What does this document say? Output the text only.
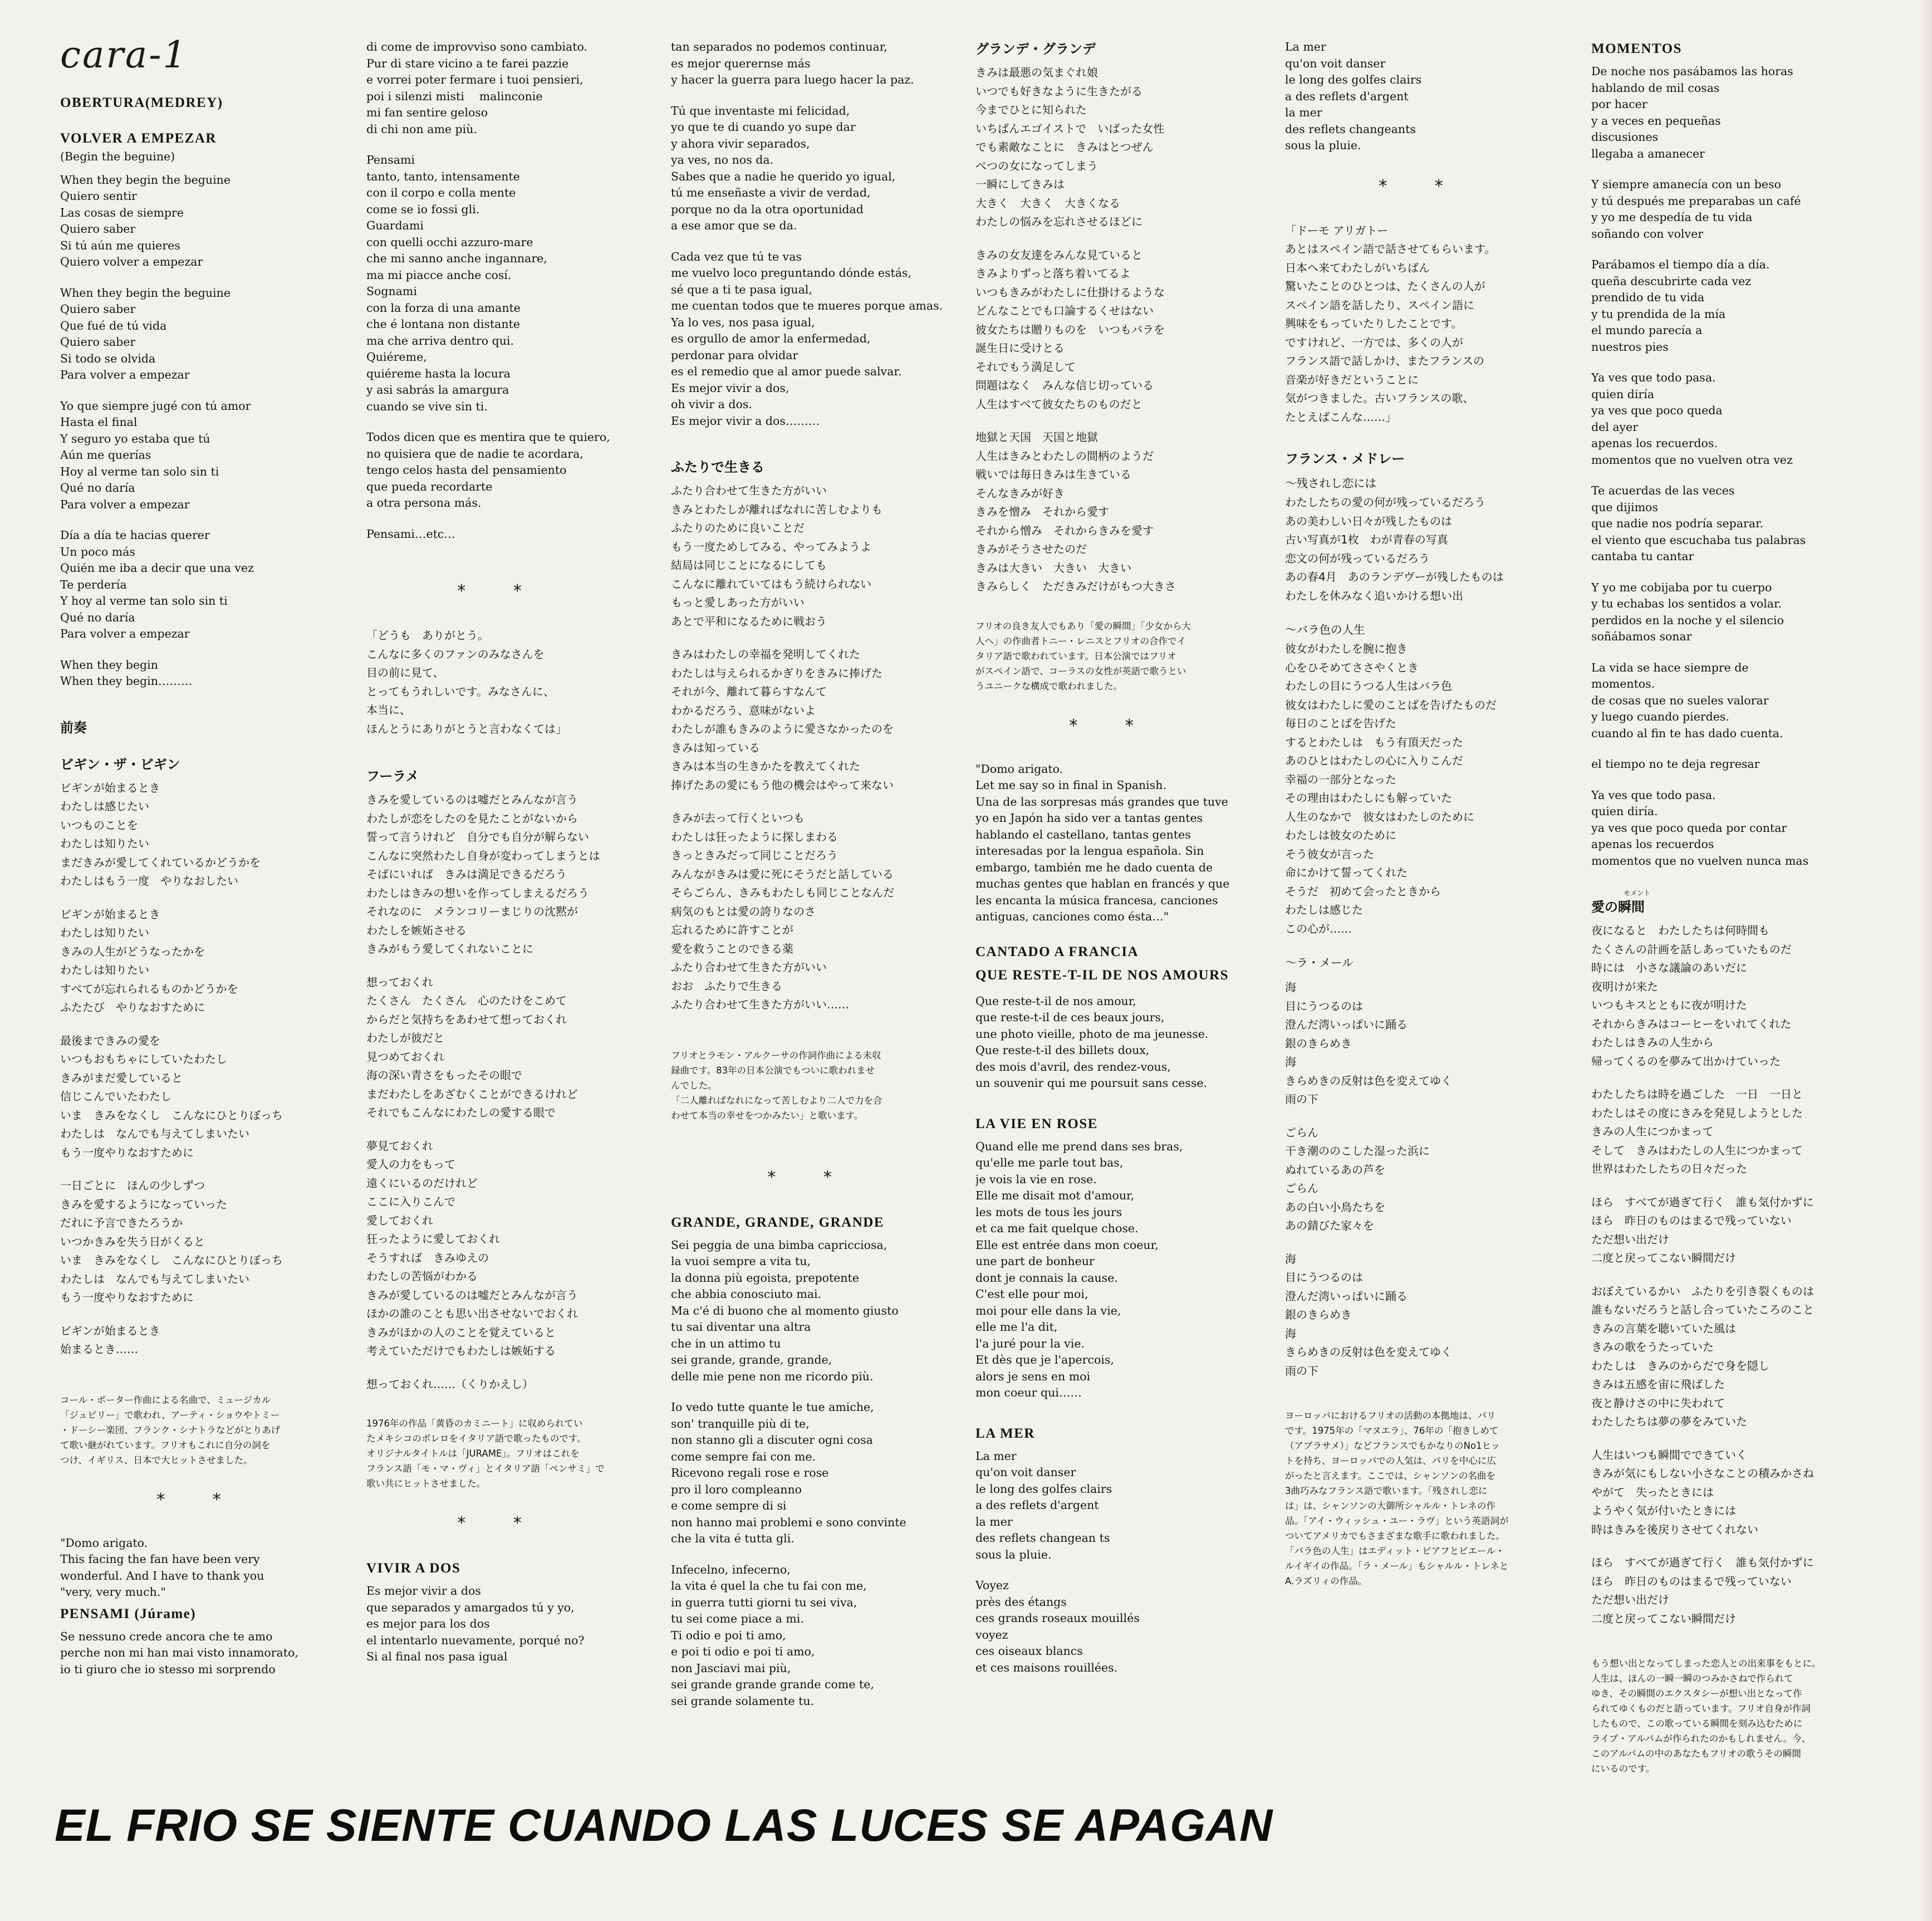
cara-1
OBERTURA(MEDREY)
VOLVER A EMPEZAR
(Begin the beguine)
When they begin the beguine
Quiero sentir
Las cosas de siempre
Quiero saber
Si tú aún me quieres
Quiero volver a empezar
When they begin the beguine
Quiero saber
Que fué de tú vida
Quiero saber
Si todo se olvida
Para volver a empezar
Yo que siempre jugé con tú amor
Hasta el final
Y seguro yo estaba que tú
Aún me querías
Hoy al verme tan solo sin ti
Qué no daría
Para volver a empezar
Día a día te hacias querer
Un poco más
Quién me iba a decir que una vez
Te perdería
Y hoy al verme tan solo sin ti
Qué no daría
Para volver a empezar
When they begin
When they begin………
前奏
ビギン・ザ・ビギン
ビギンが始まるとき
わたしは感じたい
いつものことを
わたしは知りたい
まだきみが愛してくれているかどうかを
わたしはもう一度　やりなおしたい
ビギンが始まるとき
わたしは知りたい
きみの人生がどうなったかを
わたしは知りたい
すべてが忘れられるものかどうかを
ふたたび　やりなおすために
最後まできみの愛を
いつもおもちゃにしていたわたし
きみがまだ愛していると
信じこんでいたわたし
いま　きみをなくし　こんなにひとりぼっち
わたしは　なんでも与えてしまいたい
もう一度やりなおすために
一日ごとに　ほんの少しずつ
きみを愛するようになっていった
だれに予言できたろうか
いつかきみを失う日がくると
いま　きみをなくし　こんなにひとりぼっち
わたしは　なんでも与えてしまいたい
もう一度やりなおすために
ビギンが始まるとき
始まるとき……
コール・ポーター作曲による名曲で、ミュージカル
「ジュビリー」で歌われ、アーティ・ショウやトミー
・ドーシー楽団、フランク・シナトラなどがとりあげ
て歌い継がれています。フリオもこれに自分の詞を
つけ、イギリス、日本で大ヒットさせました。
* *
"Domo arigato.
This facing the fan have been very
wonderful. And I have to thank you
"very, very much."
PENSAMI (Júrame)
Se nessuno crede ancora che te amo
perche non mi han mai visto innamorato,
io ti giuro che io stesso mi sorprendo
di come de improvviso sono cambiato.
Pur di stare vicino a te farei pazzie
e vorrei poter fermare i tuoi pensieri,
poi i silenzi misti　 malinconie
mi fan sentire geloso
di chi non ame più.
Pensami
tanto, tanto, intensamente
con il corpo e colla mente
come se io fossi gli.
Guardami
con quelli occhi azzuro-mare
che mi sanno anche ingannare,
ma mi piacce anche cosí.
Sognami
con la forza di una amante
che é lontana non distante
ma che arriva dentro qui.
Quiéreme,
quiéreme hasta la locura
y asi sabrás la amargura
cuando se vive sin ti.
Todos dicen que es mentira que te quiero,
no quisiera que de nadie te acordara,
tengo celos hasta del pensamiento
que pueda recordarte
a otra persona más.
Pensami…etc…
* *
「どうも　ありがとう。
こんなに多くのファンのみなさんを
目の前に見て、
とってもうれしいです。みなさんに、
本当に、
ほんとうにありがとうと言わなくては」
フーラメ
きみを愛しているのは嘘だとみんなが言う
わたしが恋をしたのを見たことがないから
誓って言うけれど　自分でも自分が解らない
こんなに突然わたし自身が変わってしまうとは
そばにいれば　きみは満足できるだろう
わたしはきみの想いを作ってしまえるだろう
それなのに　メランコリーまじりの沈黙が
わたしを嫉妬させる
きみがもう愛してくれないことに
想っておくれ
たくさん　たくさん　心のたけをこめて
からだと気持ちをあわせて想っておくれ
わたしが彼だと
見つめておくれ
海の深い青さをもったその眼で
まだわたしをあざむくことができるけれど
それでもこんなにわたしの愛する眼で
夢見ておくれ
愛人の力をもって
遠くにいるのだけれど
ここに入りこんで
愛しておくれ
狂ったように愛しておくれ
そうすれば　きみゆえの
わたしの苦悩がわかる
きみが愛しているのは嘘だとみんなが言う
ほかの誰のことも思い出させないでおくれ
きみがほかの人のことを覚えていると
考えていただけでもわたしは嫉妬する
想っておくれ……（くりかえし）
1976年の作品「黄昏のカミニート」に収められてい
たメキシコのボレロをイタリア語で歌ったものです。
オリジナルタイトルは「JURAME」。フリオはこれを
フランス語「モ・マ・ヴィ」とイタリア語「ペンサミ」で
歌い共にヒットさせました。
* *
VIVIR A DOS
Es mejor vivir a dos
que separados y amargados tú y yo,
es mejor para los dos
el intentarlo nuevamente, porqué no?
Si al final nos pasa igual
tan separados no podemos continuar,
es mejor querernse más
y hacer la guerra para luego hacer la paz.
Tú que inventaste mi felicidad,
yo que te di cuando yo supe dar
y ahora vivir separados,
ya ves, no nos da.
Sabes que a nadie he querido yo igual,
tú me enseñaste a vivir de verdad,
porque no da la otra oportunidad
a ese amor que se da.
Cada vez que tú te vas
me vuelvo loco preguntando dónde estás,
sé que a ti te pasa igual,
me cuentan todos que te mueres porque amas.
Ya lo ves, nos pasa igual,
es orgullo de amor la enfermedad,
perdonar para olvidar
es el remedio que al amor puede salvar.
Es mejor vivir a dos,
oh vivir a dos.
Es mejor vivir a dos………
ふたりで生きる
ふたり合わせて生きた方がいい
きみとわたしが離ればなれに苦しむよりも
ふたりのために良いことだ
もう一度ためしてみる、やってみようよ
結局は同じことになるにしても
こんなに離れていてはもう続けられない
もっと愛しあった方がいい
あとで平和になるために戦おう
きみはわたしの幸福を発明してくれた
わたしは与えられるかぎりをきみに捧げた
それが今、離れて暮らすなんて
わかるだろう、意味がないよ
わたしが誰もきみのように愛さなかったのを
きみは知っている
きみは本当の生きかたを教えてくれた
捧げたあの愛にもう他の機会はやって来ない
きみが去って行くといつも
わたしは狂ったように探しまわる
きっときみだって同じことだろう
みんながきみは愛に死にそうだと話している
そらごらん、きみもわたしも同じことなんだ
病気のもとは愛の誇りなのさ
忘れるために許すことが
愛を救うことのできる薬
ふたり合わせて生きた方がいい
おお　ふたりで生きる
ふたり合わせて生きた方がいい……
フリオとラモン・アルクーサの作詞作曲による未収
録曲です。83年の日本公演でもついに歌われませ
んでした。
「二人離ればなれになって苦しむより二人で力を合
わせて本当の幸せをつかみたい」と歌います。
* *
GRANDE, GRANDE, GRANDE
Sei peggia de una bimba capricciosa,
la vuoi sempre a vita tu,
la donna più egoista, prepotente
che abbia conosciuto mai.
Ma c'é di buono che al momento giusto
tu sai diventar una altra
che in un attimo tu
sei grande, grande, grande,
delle mie pene non me ricordo più.
Io vedo tutte quante le tue amiche,
son' tranquille più di te,
non stanno gli a discuter ogni cosa
come sempre fai con me.
Ricevono regali rose e rose
pro il loro compleanno
e come sempre di si
non hanno mai problemi e sono convinte
che la vita é tutta gli.
Infecelno, infecerno,
la vita é quel la che tu fai con me,
in guerra tutti giorni tu sei viva,
tu sei come piace a mi.
Ti odio e poi ti amo,
e poi ti odio e poi ti amo,
non Jasciavi mai più,
sei grande grande grande come te,
sei grande solamente tu.
グランデ・グランデ
きみは最悪の気まぐれ娘
いつでも好きなように生きたがる
今までひとに知られた
いちばんエゴイストで　いばった女性
でも素敵なことに　きみはとつぜん
べつの女になってしまう
一瞬にしてきみは
大きく　大きく　大きくなる
わたしの悩みを忘れさせるほどに
きみの女友達をみんな見ていると
きみよりずっと落ち着いてるよ
いつもきみがわたしに仕掛けるような
どんなことでも口論するくせはない
彼女たちは贈りものを　いつもバラを
誕生日に受けとる
それでもう満足して
問題はなく　みんな信じ切っている
人生はすべて彼女たちのものだと
地獄と天国　天国と地獄
人生はきみとわたしの間柄のようだ
戦いでは毎日きみは生きている
そんなきみが好き
きみを憎み　それから愛す
それから憎み　それからきみを愛す
きみがそうさせたのだ
きみは大きい　大きい　大きい
きみらしく　ただきみだけがもつ大きさ
フリオの良き友人でもあり「愛の瞬間」「少女から大
人へ」の作曲者トニー・レニスとフリオの合作でイ
タリア語で歌われています。日本公演ではフリオ
がスペイン語で、コーラスの女性が英語で歌うとい
うユニークな構成で歌われました。
* *
"Domo arigato.
Let me say so in final in Spanish.
Una de las sorpresas más grandes que tuve
yo en Japón ha sido ver a tantas gentes
hablando el castellano, tantas gentes
interesadas por la lengua española. Sin
embargo, también me he dado cuenta de
muchas gentes que hablan en francés y que
les encanta la música francesa, canciones
antiguas, canciones como ésta…"
CANTADO A FRANCIA
QUE RESTE-T-IL DE NOS AMOURS
Que reste-t-il de nos amour,
que reste-t-il de ces beaux jours,
une photo vieille, photo de ma jeunesse.
Que reste-t-il des billets doux,
des mois d'avril, des rendez-vous,
un souvenir qui me poursuit sans cesse.
LA VIE EN ROSE
Quand elle me prend dans ses bras,
qu'elle me parle tout bas,
je vois la vie en rose.
Elle me disait mot d'amour,
les mots de tous les jours
et ca me fait quelque chose.
Elle est entrée dans mon coeur,
une part de bonheur
dont je connais la cause.
C'est elle pour moi,
moi pour elle dans la vie,
elle me l'a dit,
l'a juré pour la vie.
Et dès que je l'apercois,
alors je sens en moi
mon coeur qui……
LA MER
La mer
qu'on voit danser
le long des golfes clairs
a des reflets d'argent
la mer
des reflets changean ts
sous la pluie.
Voyez
près des étangs
ces grands roseaux mouillés
voyez
ces oiseaux blancs
et ces maisons rouillées.
La mer
qu'on voit danser
le long des golfes clairs
a des reflets d'argent
la mer
des reflets changeants
sous la pluie.
* *
「ドーモ アリガトー
あとはスペイン語で話させてもらいます。
日本へ来てわたしがいちばん
驚いたことのひとつは、たくさんの人が
スペイン語を話したり、スペイン語に
興味をもっていたりしたことです。
ですけれど、一方では、多くの人が
フランス語で話しかけ、またフランスの
音楽が好きだということに
気がつきました。古いフランスの歌、
たとえばこんな……」
フランス・メドレー
～残されし恋には
わたしたちの愛の何が残っているだろう
あの美わしい日々が残したものは
古い写真が1枚　わが青春の写真
恋文の何が残っているだろう
あの春4月　あのランデヴーが残したものは
わたしを休みなく追いかける想い出
～バラ色の人生
彼女がわたしを腕に抱き
心をひそめてささやくとき
わたしの目にうつる人生はバラ色
彼女はわたしに愛のことばを告げたものだ
毎日のことばを告げた
するとわたしは　もう有頂天だった
あのひとはわたしの心に入りこんだ
幸福の一部分となった
その理由はわたしにも解っていた
人生のなかで　彼女はわたしのために
わたしは彼女のために
そう彼女が言った
命にかけて誓ってくれた
そうだ　初めて会ったときから
わたしは感じた
この心が……
～ラ・メール
海
目にうつるのは
澄んだ湾いっぱいに踊る
銀のきらめき
海
きらめきの反射は色を変えてゆく
雨の下
ごらん
干き潮ののこした湿った浜に
ぬれているあの芦を
ごらん
あの白い小鳥たちを
あの錆びた家々を
海
目にうつるのは
澄んだ湾いっぱいに踊る
銀のきらめき
海
きらめきの反射は色を変えてゆく
雨の下
ヨーロッパにおけるフリオの活動の本拠地は、パリ
です。1975年の「マヌエラ」、76年の「抱きしめて
（アブラサメ）」などフランスでもかなりのNo1ヒッ
トを持ち、ヨーロッパでの人気は、パリを中心に広
がったと言えます。ここでは、シャンソンの名曲を
3曲巧みなフランス語で歌います。「残されし恋に
は」は、シャンソンの大御所シャルル・トレネの作
品。「アイ・ウィッシュ・ユー・ラヴ」という英語詞が
ついてアメリカでもさまざまな歌手に歌われました。
「バラ色の人生」はエディット・ピアフとピエール・
ルイギイの作品。「ラ・メール」もシャルル・トレネと
A.ラズリィの作品。
MOMENTOS
De noche nos pasábamos las horas
hablando de mil cosas
por hacer
y a veces en pequeñas
discusiones
llegaba a amanecer
Y siempre amanecía con un beso
y tú después me preparabas un café
y yo me despedía de tu vida
soñando con volver
Parábamos el tiempo día a día.
queña descubrirte cada vez
prendido de tu vida
y tu prendida de la mía
el mundo parecía a
nuestros pies
Ya ves que todo pasa.
quien diría
ya ves que poco queda
del ayer
apenas los recuerdos.
momentos que no vuelven otra vez
Te acuerdas de las veces
que dijimos
que nadie nos podría separar.
el viento que escuchaba tus palabras
cantaba tu cantar
Y yo me cobijaba por tu cuerpo
y tu echabas los sentidos a volar.
perdidos en la noche y el silencio
soñábamos sonar
La vida se hace siempre de
momentos.
de cosas que no sueles valorar
y luego cuando pierdes.
cuando al fin te has dado cuenta.
el tiempo no te deja regresar
Ya ves que todo pasa.
quien diría.
ya ves que poco queda por contar
apenas los recuerdos
momentos que no vuelven nunca mas
モメント
愛の瞬間
夜になると　わたしたちは何時間も
たくさんの計画を話しあっていたものだ
時には　小さな議論のあいだに
夜明けが来た
いつもキスとともに夜が明けた
それからきみはコーヒーをいれてくれた
わたしはきみの人生から
帰ってくるのを夢みて出かけていった
わたしたちは時を過ごした　一日　一日と
わたしはその度にきみを発見しようとした
きみの人生につかまって
そして　きみはわたしの人生につかまって
世界はわたしたちの日々だった
ほら　すべてが過ぎて行く　誰も気付かずに
ほら　昨日のものはまるで残っていない
ただ想い出だけ
二度と戻ってこない瞬間だけ
おぼえているかい　ふたりを引き裂くものは
誰もないだろうと話し合っていたころのこと
きみの言葉を聴いていた風は
きみの歌をうたっていた
わたしは　きみのからだで身を隠し
きみは五感を宙に飛ばした
夜と静けさの中に失われて
わたしたちは夢の夢をみていた
人生はいつも瞬間でできていく
きみが気にもしない小さなことの積みかさね
やがて　失ったときには
ようやく気が付いたときには
時はきみを後戻りさせてくれない
ほら　すべてが過ぎて行く　誰も気付かずに
ほら　昨日のものはまるで残っていない
ただ想い出だけ
二度と戻ってこない瞬間だけ
もう想い出となってしまった恋人との出来事をもとに。
人生は、ほんの一瞬一瞬のつみかさねで作られて
ゆき、その瞬間のエクスタシーが想い出となって作
られてゆくものだと語っています。フリオ自身が作詞
したもので、この歌っている瞬間を刻み込むために
ライブ・アルバムが作られたのかもしれません。今、
このアルバムの中のあなたもフリオの歌うその瞬間
にいるのです。
EL FRIO SE SIENTE CUANDO LAS LUCES SE APAGAN
